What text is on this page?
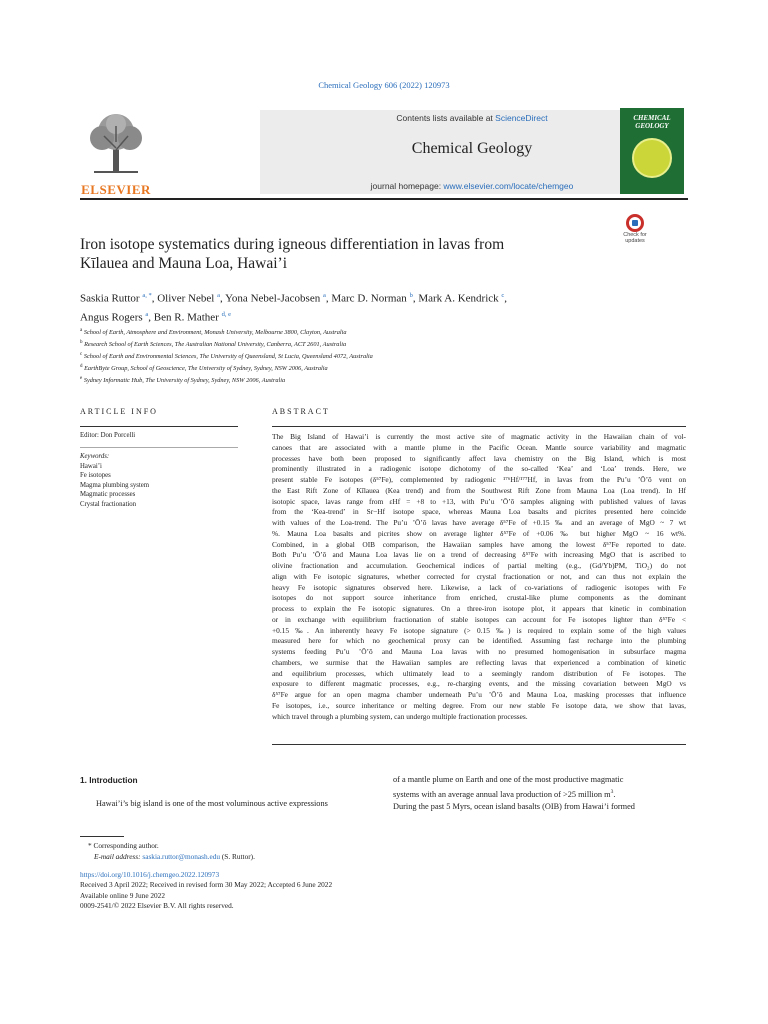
Chemical Geology 606 (2022) 120973
ELSEVIER
Contents lists available at ScienceDirect
Chemical Geology
journal homepage: www.elsevier.com/locate/chemgeo
CHEMICAL
GEOLOGY
Iron isotope systematics during igneous differentiation in lavas from
Kīlauea and Mauna Loa, Hawai’i
Check for
updates
Saskia Ruttor $^{a, *}$, Oliver Nebel $^a$, Yona Nebel-Jacobsen $^a$, Marc D. Norman $^b$, Mark A. Kendrick $^c$,
Angus Rogers $^a$, Ben R. Mather $^{d, e}$
$^a$ School of Earth, Atmosphere and Environment, Monash University, Melbourne 3800, Clayton, Australia
$^b$ Research School of Earth Sciences, The Australian National University, Canberra, ACT 2601, Australia
$^c$ School of Earth and Environmental Sciences, The University of Queensland, St Lucia, Queensland 4072, Australia
$^d$ EarthByte Group, School of Geoscience, The University of Sydney, Sydney, NSW 2006, Australia
$^e$ Sydney Informatic Hub, The University of Sydney, Sydney, NSW 2006, Australia
ARTICLE INFO	ABSTRACT
Editor: Don Porcelli
Keywords:
Hawai’i
Fe isotopes
Magma plumbing system
Magmatic processes
Crystal fractionation
The Big Island of Hawai’i is currently the most active site of magmatic activity in the Hawaiian chain of vol-
canoes that are associated with a mantle plume in the Pacific Ocean. Mantle source variability and magmatic
processes have both been proposed to significantly affect lava chemistry on the Big Island, which is most
prominently illustrated in a radiogenic isotope dichotomy of the so-called ‘Kea’ and ‘Loa’ trends. Here, we
present stable Fe isotopes (δ⁵⁷Fe), complemented by radiogenic ¹⁷⁶Hf/¹⁷⁷Hf, in lavas from the Pu’u ’Ō’ō vent on
the East Rift Zone of Kīlauea (Kea trend) and from the Southwest Rift Zone from Mauna Loa (Loa trend). In Hf
isotopic space, lavas range from εHf = +8 to +13, with Pu’u ’Ō’ō samples aligning with published values of lavas
from the ‘Kea-trend’ in Sr−Hf isotope space, whereas Mauna Loa basalts and picrites presented here coincide
with values of the Loa-trend. The Pu’u ’Ō’ō lavas have average δ⁵⁷Fe of +0.15 ‰ and an average of MgO ~ 7 wt
%. Mauna Loa basalts and picrites show on average lighter δ⁵⁷Fe of +0.06 ‰ but higher MgO ~ 16 wt%.
Combined, in a global OIB comparison, the Hawaiian samples have among the lowest δ⁵⁷Fe reported to date.
Both Pu’u ’Ō’ō and Mauna Loa lavas lie on a trend of decreasing δ⁵⁷Fe with increasing MgO that is ascribed to
olivine fractionation and accumulation. Geochemical indices of partial melting (e.g., (Gd/Yb)PM, TiO₂) do not
align with Fe isotopic signatures, whether corrected for crystal fractionation or not, and can thus not explain the
heavy Fe isotopic signatures observed here. Likewise, a lack of co-variations of radiogenic isotopes with Fe
isotopes do not support source inheritance from enriched, crustal-like plume components as the dominant
process to explain the Fe isotopic signatures. On a three-iron isotope plot, it appears that kinetic in combination
or in exchange with equilibrium fractionation of stable isotopes can account for Fe isotopes lighter than δ⁵⁷Fe <
+0.15 ‰. An inherently heavy Fe isotope signature (> 0.15 ‰) is required to explain some of the high values
measured here for which no geochemical proxy can be identified. Assuming fast recharge into the plumbing
systems feeding Pu’u ’Ō’ō and Mauna Loa lavas with no presumed homogenisation in subsurface magma
chambers, we surmise that the Hawaiian samples are reflecting lavas that experienced a combination of kinetic
and equilibrium processes, which ultimately lead to a seemingly random distribution of Fe isotopes. The
exposure to different magmatic processes, e.g., re-charging events, and the missing covariation between MgO vs
δ⁵⁷Fe argue for an open magma chamber underneath Pu’u ’Ō’ō and Mauna Loa, masking processes that influence
Fe isotopes, i.e., source inheritance or melting degree. From our new stable Fe isotope data, we show that lavas,
which travel through a plumbing system, can undergo multiple fractionation processes.
1. Introduction
Hawai’i’s big island is one of the most voluminous active expressions
of a mantle plume on Earth and one of the most productive magmatic
systems with an average annual lava production of >25 million $m^3$.
During the past 5 Myrs, ocean island basalts (OIB) from Hawai’i formed
* Corresponding author.
E-mail address: saskia.ruttor@monash.edu (S. Ruttor).
https://doi.org/10.1016/j.chemgeo.2022.120973
Received 3 April 2022; Received in revised form 30 May 2022; Accepted 6 June 2022
Available online 9 June 2022
0009-2541/© 2022 Elsevier B.V. All rights reserved.
